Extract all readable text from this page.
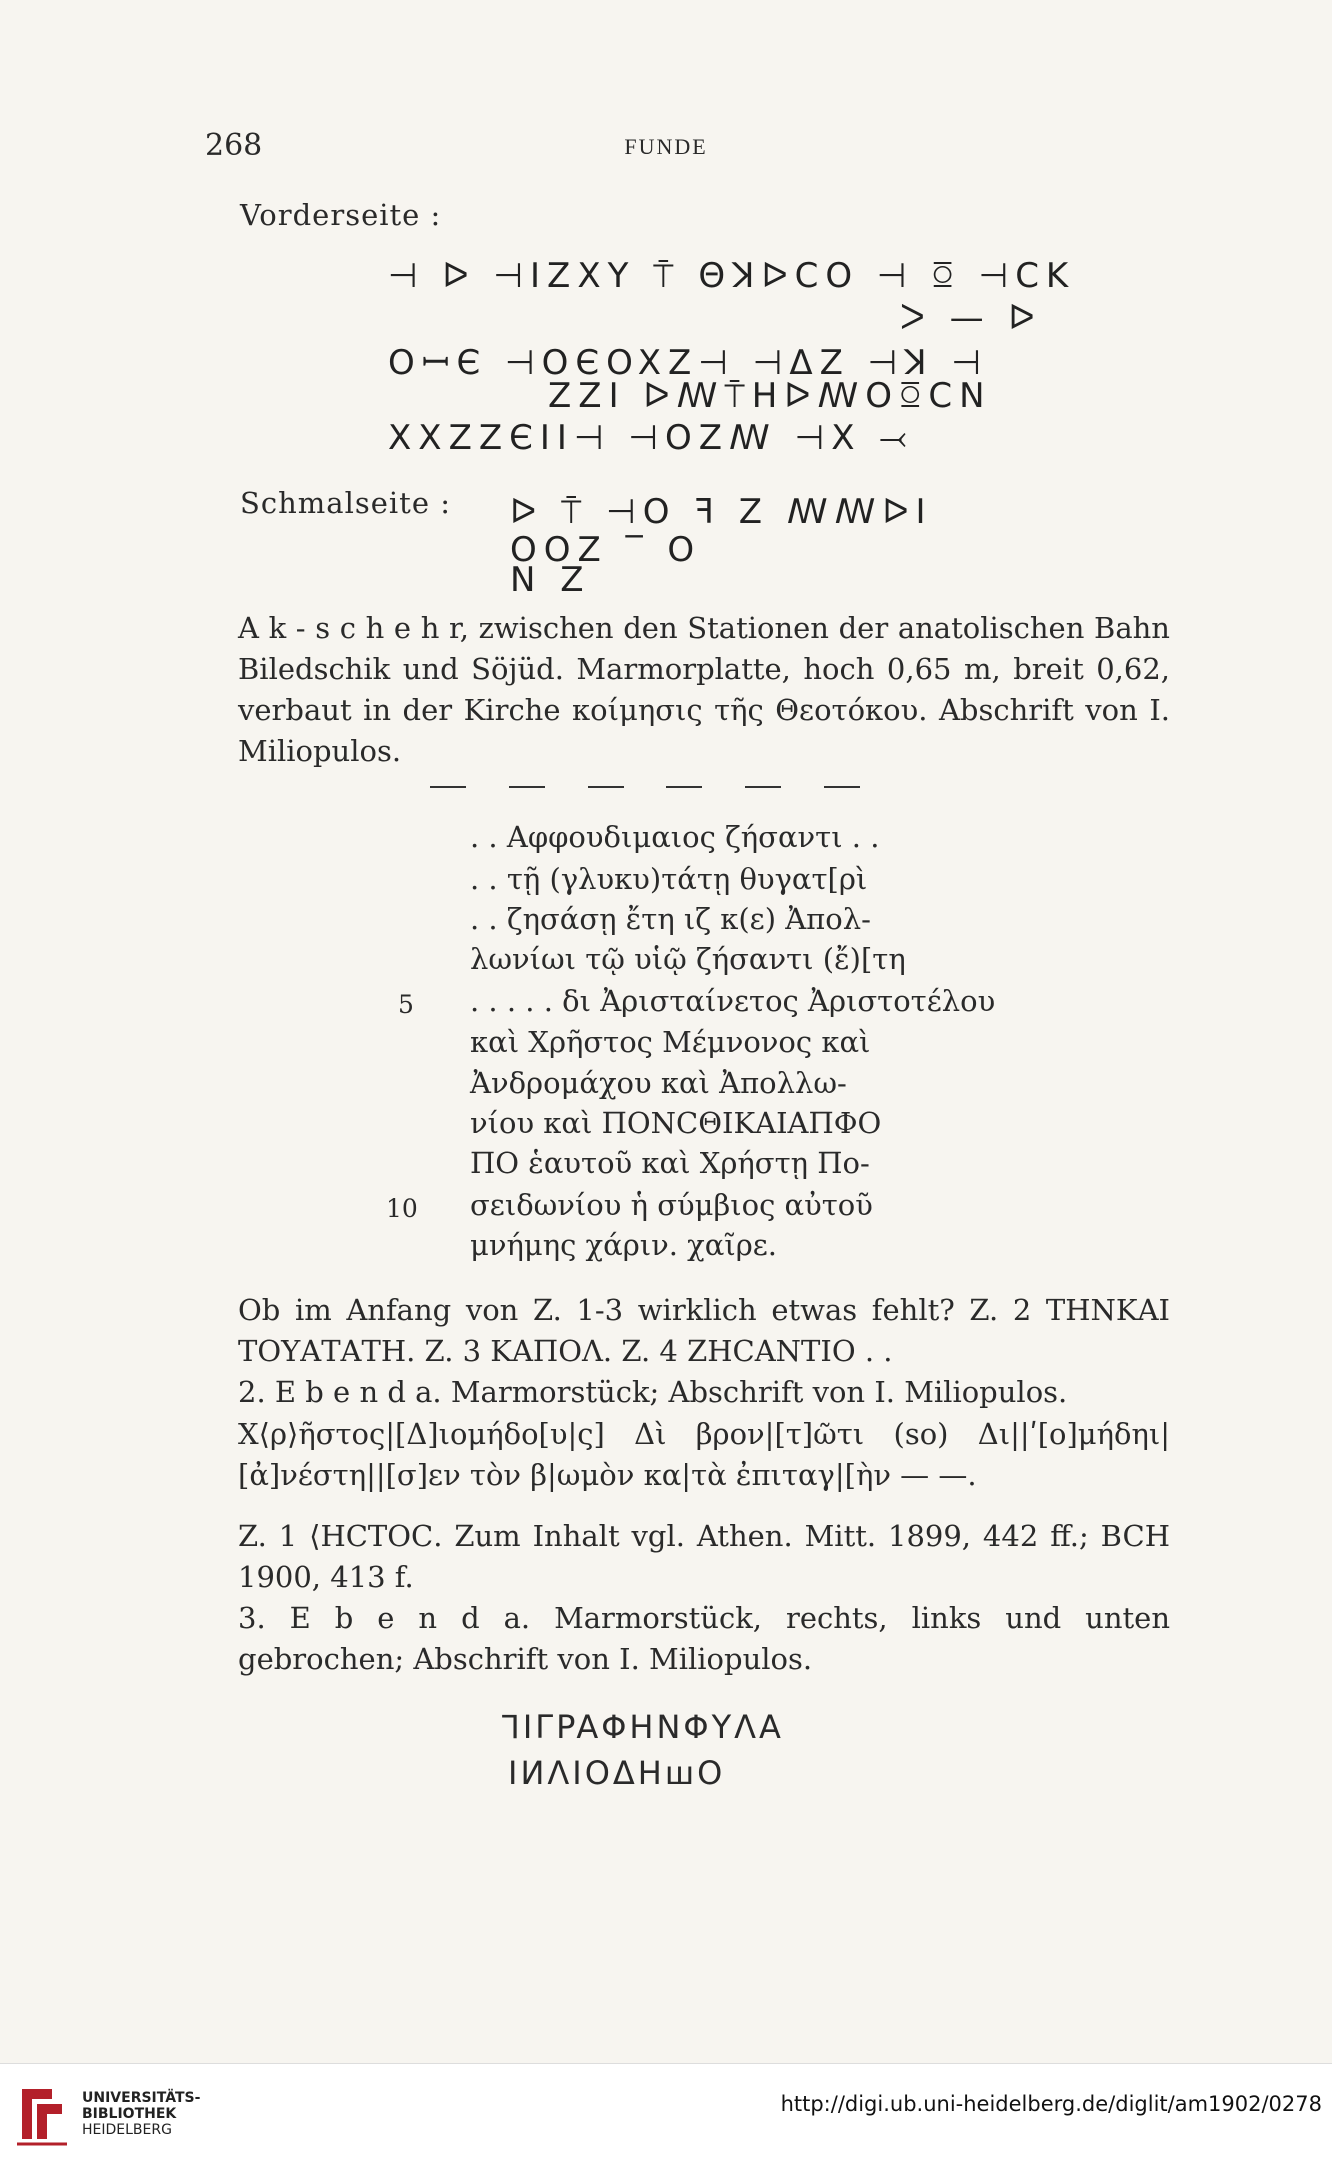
268	FUNDE
Vorderseite :
⊣ ᐅ ⊣IZXY ⍑ ΘꓘᐅCO ⊣ ꗞ ⊣CK
ᐳ — ᐅ
OꟷЄ ⊣OЄOXZ⊣ ⊣ΔZ ⊣ꓘ ⊣
ZZI ᐅꟿ⍑HᐅꟿOꗞCN
XXZZЄII⊣ ⊣OZꟿ ⊣X ⤙
Schmalseite : ᐅ ⍑ ⊣O ꟻ Z ꟿꟿᐅI
OOZ ‾ O
N Z
A k - s c h e h r, zwischen den Stationen der anatolischen Bahn Biledschik und Söjüd. Marmorplatte, hoch 0,65 m, breit 0,62, verbaut in der Kirche κοίμησις τῆς Θεοτόκου. Abschrift von I. Miliopulos.
. . Αφφουδιμαιος ζήσαντι . .
. . τῇ (γλυκυ)τάτῃ θυγατ[ρὶ
. . ζησάσῃ ἔτη ιζ κ(ε) Ἀπολ-
λωνίωι τῷ υἱῷ ζήσαντι (ἔ)[τη
5 . . . . . δι Ἀρισταίνετος Ἀριστοτέλου
καὶ Χρῆστος Μέμνονος καὶ
Ἀνδρομάχου καὶ Ἀπολλω-
νίου καὶ ΠΟΝϹΘΙΚΑΙΑΠΦΟ
ΠΟ ἑαυτοῦ καὶ Χρήστῃ Πο-
10 σειδωνίου ἡ σύμβιος αὐτοῦ
μνήμης χάριν. χαῖρε.
Ob im Anfang von Z. 1-3 wirklich etwas fehlt? Z. 2 ΤΗΝΚΑΙ ΤΟΥΑΤΑΤΗ. Z. 3 ΚΑΠΟΛ. Z. 4 ΖΗCΑΝΤΙΟ . .
2. E b e n d a. Marmorstück; Abschrift von I. Miliopulos.
Χ⟨ρ⟩ῆστος|[Δ]ιομήδο[υ|ς] Δὶ βρον|[τ]ῶτι (so) Δι||ʹ[ο]μήδηι|[ἀ]νέστη||[σ]εν τὸν β|ωμὸν κα|τὰ ἐπιταγ|[ὴν — —.
Z. 1 ⟨ΗϹΤΟϹ. Zum Inhalt vgl. Athen. Mitt. 1899, 442 ff.; BCH 1900, 413 f.
3. E b e n d a. Marmorstück, rechts, links und unten gebrochen; Abschrift von I. Miliopulos.
ꓶIΓPAΦHNΦYΛA
IИΛIOΔHꟺO
UNIVERSITÄTS-
BIBLIOTHEK
HEIDELBERG
http://digi.ub.uni-heidelberg.de/diglit/am1902/0278
